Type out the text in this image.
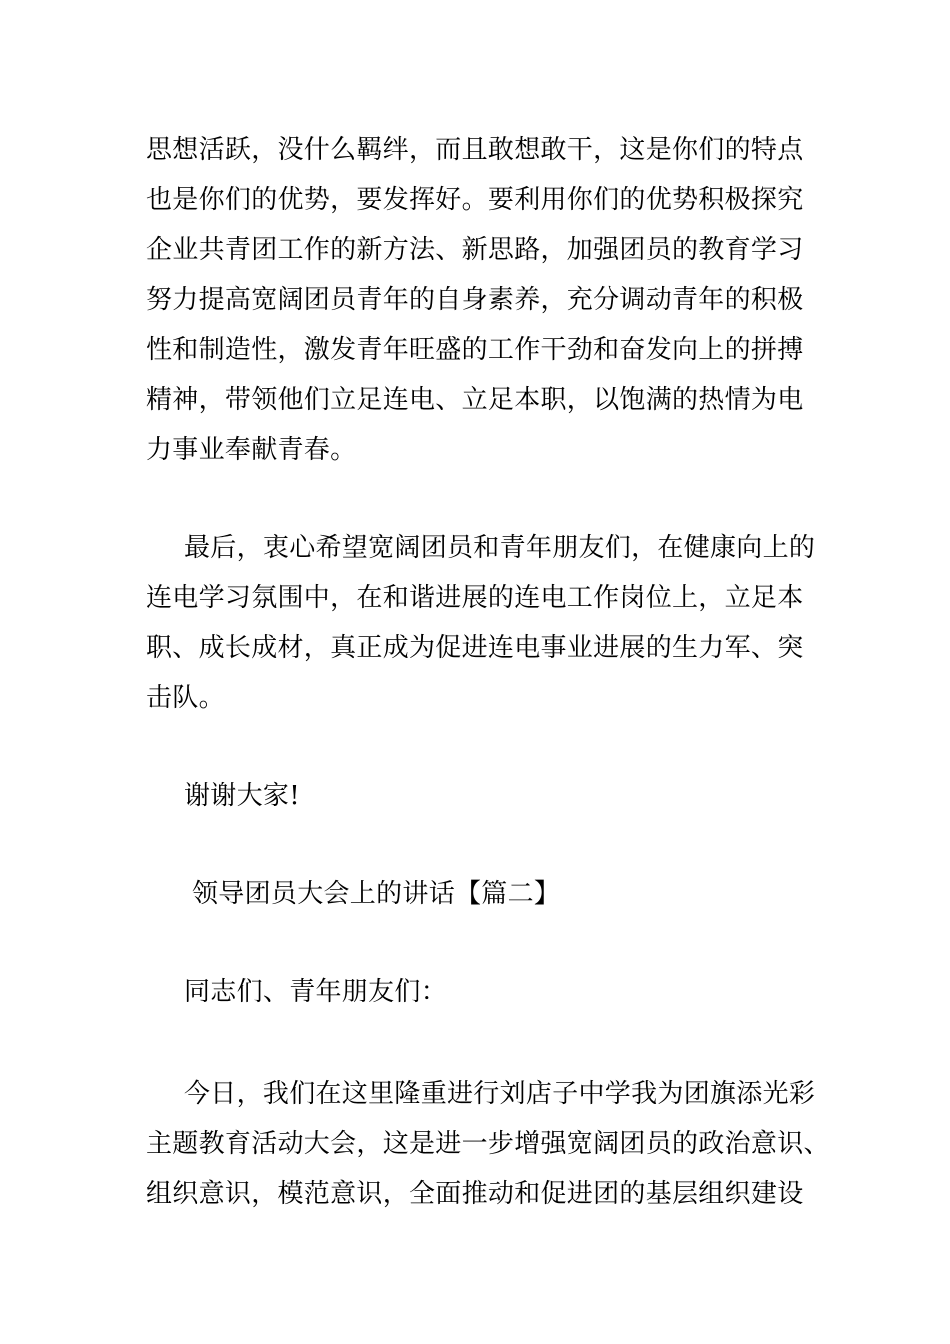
思想活跃，没什么羁绊，而且敢想敢干，这是你们的特点
也是你们的优势，要发挥好。要利用你们的优势积极探究
企业共青团工作的新方法、新思路，加强团员的教育学习
努力提高宽阔团员青年的自身素养，充分调动青年的积极
性和制造性，激发青年旺盛的工作干劲和奋发向上的拼搏
精神，带领他们立足连电、立足本职，以饱满的热情为电
力事业奉献青春。
最后，衷心希望宽阔团员和青年朋友们，在健康向上的
连电学习氛围中，在和谐进展的连电工作岗位上，立足本
职、成长成材，真正成为促进连电事业进展的生力军、突
击队。
谢谢大家!
领导团员大会上的讲话【篇二】
同志们、青年朋友们：
今日，我们在这里隆重进行刘店子中学我为团旗添光彩
主题教育活动大会，这是进一步增强宽阔团员的政治意识、
组织意识，模范意识，全面推动和促进团的基层组织建设
